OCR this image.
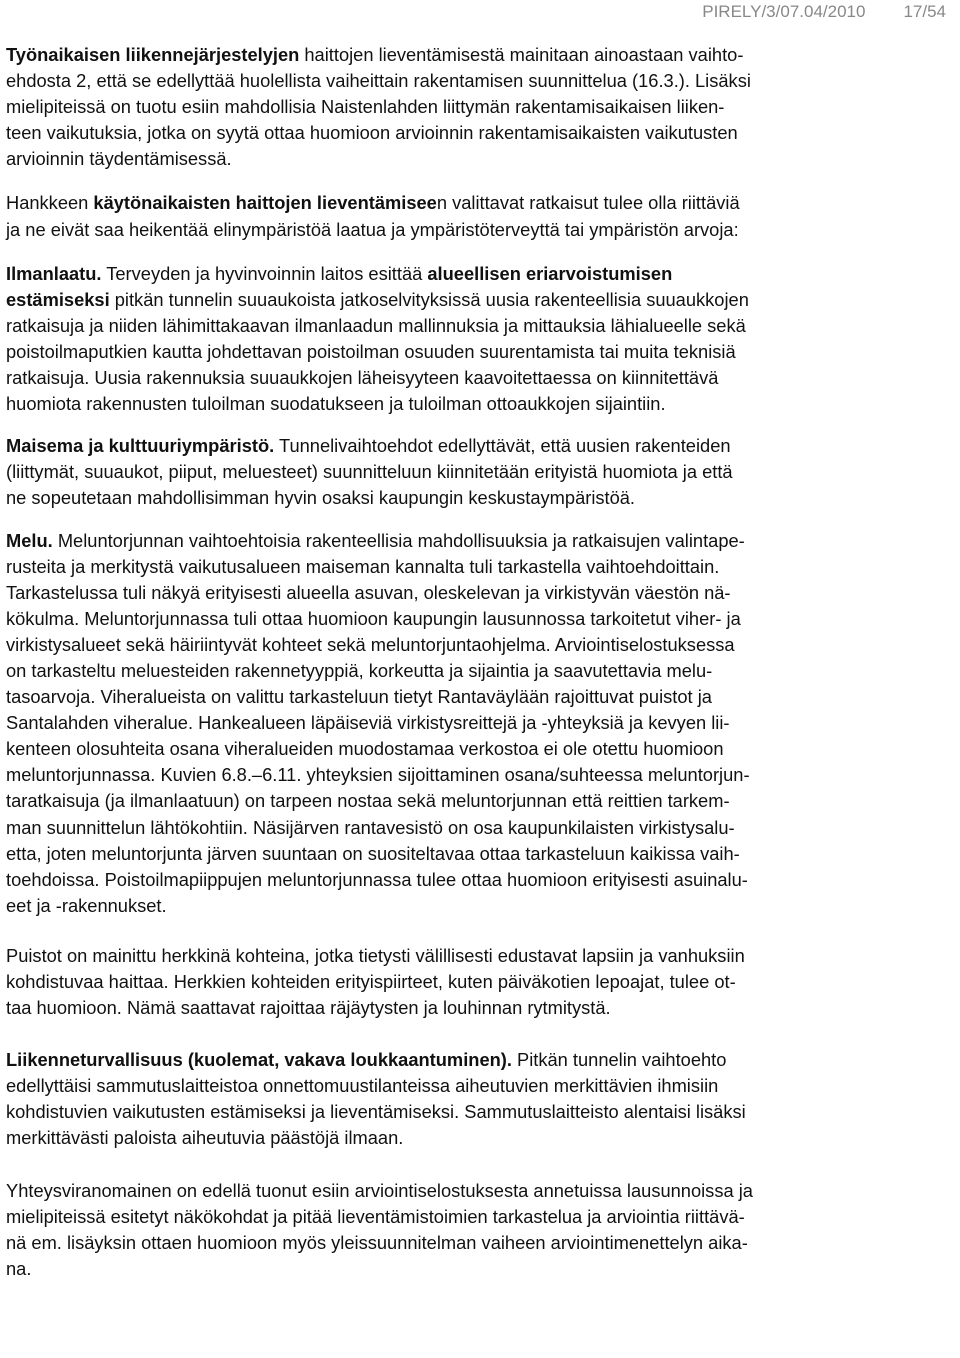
PIRELY/3/07.04/2010 17/54
Työnaikaisen liikennejärjestelyjen haittojen lieventämisestä mainitaan ainoastaan vaihto-
ehdosta 2, että se edellyttää huolellista vaiheittain rakentamisen suunnittelua (16.3.). Lisäksi
mielipiteissä on tuotu esiin mahdollisia Naistenlahden liittymän rakentamisaikaisen liiken-
teen vaikutuksia, jotka on syytä ottaa huomioon arvioinnin rakentamisaikaisten vaikutusten
arvioinnin täydentämisessä.
Hankkeen käytönaikaisten haittojen lieventämiseen valittavat ratkaisut tulee olla riittäviä
ja ne eivät saa heikentää elinympäristöä laatua ja ympäristöterveyttä tai ympäristön arvoja:
Ilmanlaatu. Terveyden ja hyvinvoinnin laitos esittää alueellisen eriarvoistumisen
estämiseksi pitkän tunnelin suuaukoista jatkoselvityksissä uusia rakenteellisia suuaukkojen
ratkaisuja ja niiden lähimittakaavan ilmanlaadun mallinnuksia ja mittauksia lähialueelle sekä
poistoilmaputkien kautta johdettavan poistoilman osuuden suurentamista tai muita teknisiä
ratkaisuja. Uusia rakennuksia suuaukkojen läheisyyteen kaavoitettaessa on kiinnitettävä
huomiota rakennusten tuloilman suodatukseen ja tuloilman ottoaukkojen sijaintiin.
Maisema ja kulttuuriympäristö. Tunnelivaihtoehdot edellyttävät, että uusien rakenteiden
(liittymät, suuaukot, piiput, meluesteet) suunnitteluun kiinnitetään erityistä huomiota ja että
ne sopeutetaan mahdollisimman hyvin osaksi kaupungin keskustaympäristöä.
Melu. Meluntorjunnan vaihtoehtoisia rakenteellisia mahdollisuuksia ja ratkaisujen valintape-
rusteita ja merkitystä vaikutusalueen maiseman kannalta tuli tarkastella vaihtoehdoittain.
Tarkastelussa tuli näkyä erityisesti alueella asuvan, oleskelevan ja virkistyvän väestön nä-
kökulma. Meluntorjunnassa tuli ottaa huomioon kaupungin lausunnossa tarkoitetut viher- ja
virkistysalueet sekä häiriintyvät kohteet sekä meluntorjuntaohjelma. Arviointiselostuksessa
on tarkasteltu meluesteiden rakennetyyppiä, korkeutta ja sijaintia ja saavutettavia melu-
tasoarvoja. Viheralueista on valittu tarkasteluun tietyt Rantaväylään rajoittuvat puistot ja
Santalahden viheralue. Hankealueen läpäiseviä virkistysreittejä ja -yhteyksiä ja kevyen lii-
kenteen olosuhteita osana viheralueiden muodostamaa verkostoa ei ole otettu huomioon
meluntorjunnassa. Kuvien 6.8.–6.11. yhteyksien sijoittaminen osana/suhteessa meluntorjun-
taratkaisuja (ja ilmanlaatuun) on tarpeen nostaa sekä meluntorjunnan että reittien tarkem-
man suunnittelun lähtökohtiin. Näsijärven rantavesistö on osa kaupunkilaisten virkistysalu-
etta, joten meluntorjunta järven suuntaan on suositeltavaa ottaa tarkasteluun kaikissa vaih-
toehdoissa. Poistoilmapiippujen meluntorjunnassa tulee ottaa huomioon erityisesti asuinalu-
eet ja -rakennukset.
Puistot on mainittu herkkinä kohteina, jotka tietysti välillisesti edustavat lapsiin ja vanhuksiin
kohdistuvaa haittaa. Herkkien kohteiden erityispiirteet, kuten päiväkotien lepoajat, tulee ot-
taa huomioon. Nämä saattavat rajoittaa räjäytysten ja louhinnan rytmitystä.
Liikenneturvallisuus (kuolemat, vakava loukkaantuminen). Pitkän tunnelin vaihtoehto
edellyttäisi sammutuslaitteistoa onnettomuustilanteissa aiheutuvien merkittävien ihmisiin
kohdistuvien vaikutusten estämiseksi ja lieventämiseksi. Sammutuslaitteisto alentaisi lisäksi
merkittävästi paloista aiheutuvia päästöjä ilmaan.
Yhteysviranomainen on edellä tuonut esiin arviointiselostuksesta annetuissa lausunnoissa ja
mielipiteissä esitetyt näkökohdat ja pitää lieventämistoimien tarkastelua ja arviointia riittävä-
nä em. lisäyksin ottaen huomioon myös yleissuunnitelman vaiheen arviointimenettelyn aika-
na.
